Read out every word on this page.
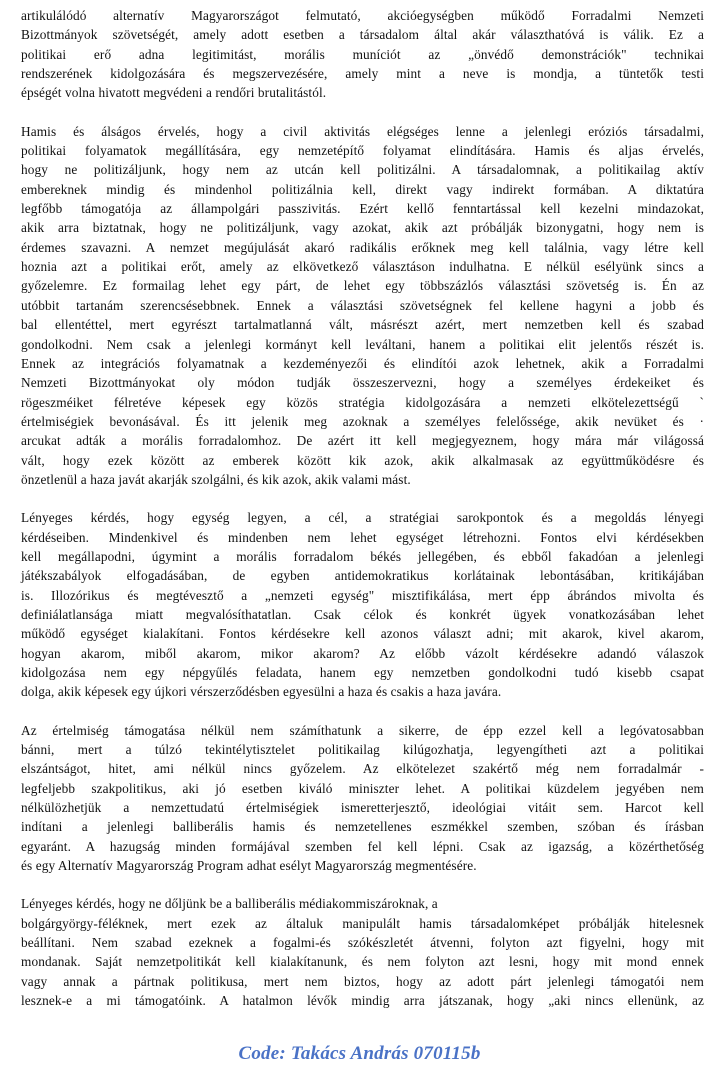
artikulálódó alternatív Magyarországot felmutató, akcióegységben működő Forradalmi Nemzeti
Bizottmányok szövetségét, amely adott esetben a társadalom által akár választhatóvá is válik. Ez a
politikai erő adna legitimitást, morális muníciót az „önvédő demonstrációk" technikai
rendszerének kidolgozására és megszervezésére, amely mint a neve is mondja, a tüntetők testi
épségét volna hivatott megvédeni a rendőri brutalitástól.

Hamis és álságos érvelés, hogy a civil aktivitás elégséges lenne a jelenlegi eróziós társadalmi,
politikai folyamatok megállítására, egy nemzetépítő folyamat elindítására. Hamis és aljas érvelés,
hogy ne politizáljunk, hogy nem az utcán kell politizálni. A társadalomnak, a politikailag aktív
embereknek mindig és mindenhol politizálnia kell, direkt vagy indirekt formában. A diktatúra
legfőbb támogatója az állampolgári passzivitás. Ezért kellő fenntartással kell kezelni mindazokat,
akik arra biztatnak, hogy ne politizáljunk, vagy azokat, akik azt próbálják bizonygatni, hogy nem is
érdemes szavazni. A nemzet megújulását akaró radikális erőknek meg kell találnia, vagy létre kell
hoznia azt a politikai erőt, amely az elkövetkező választáson indulhatna. E nélkül esélyünk sincs a
győzelemre. Ez formailag lehet egy párt, de lehet egy többszázlós választási szövetség is. Én az
utóbbit tartanám szerencsésebbnek. Ennek a választási szövetségnek fel kellene hagyni a jobb és
bal ellentéttel, mert egyrészt tartalmatlanná vált, másrészt azért, mert nemzetben kell és szabad
gondolkodni. Nem csak a jelenlegi kormányt kell leváltani, hanem a politikai elit jelentős részét is.
Ennek az integrációs folyamatnak a kezdeményezői és elindítói azok lehetnek, akik a Forradalmi
Nemzeti Bizottmányokat oly módon tudják összeszervezni, hogy a személyes érdekeiket és
rögeszméiket félretéve képesek egy közös stratégia kidolgozására a nemzeti elkötelezettségű `
értelmiségiek bevonásával. És itt jelenik meg azoknak a személyes felelőssége, akik nevüket és ·
arcukat adták a morális forradalomhoz. De azért itt kell megjegyeznem, hogy mára már világossá
vált, hogy ezek között az emberek között kik azok, akik alkalmasak az együttműködésre és
önzetlenül a haza javát akarják szolgálni, és kik azok, akik valami mást.

Lényeges kérdés, hogy egység legyen, a cél, a stratégiai sarokpontok és a megoldás lényegi
kérdéseiben. Mindenkivel és mindenben nem lehet egységet létrehozni. Fontos elvi kérdésekben
kell megállapodni, úgymint a morális forradalom békés jellegében, és ebből fakadóan a jelenlegi
játékszabályok elfogadásában, de egyben antidemokratikus korlátainak lebontásában, kritikájában
is. Illozórikus és megtévesztő a „nemzeti egység" misztifikálása, mert épp ábrándos mivolta és
definiálatlansága miatt megvalósíthatatlan. Csak célok és konkrét ügyek vonatkozásában lehet
működő egységet kialakítani. Fontos kérdésekre kell azonos választ adni; mit akarok, kivel akarom,
hogyan akarom, miből akarom, mikor akarom? Az előbb vázolt kérdésekre adandó válaszok
kidolgozása nem egy népgyűlés feladata, hanem egy nemzetben gondolkodni tudó kisebb csapat
dolga, akik képesek egy újkori vérszerződésben egyesülni a haza és csakis a haza javára.

Az értelmiség támogatása nélkül nem számíthatunk a sikerre, de épp ezzel kell a legóvatosabban
bánni, mert a túlzó tekintélytisztelet politikailag kilúgozhatja, legyengítheti azt a politikai
elszántságot, hitet, ami nélkül nincs győzelem. Az elkötelezet szakértő még nem forradalmár -
legfeljebb szakpolitikus, aki jó esetben kiváló miniszter lehet. A politikai küzdelem jegyében nem
nélkülözhetjük a nemzettudatú értelmiségiek ismeretterjesztő, ideológiai vitáit sem. Harcot kell
indítani a jelenlegi balliberális hamis és nemzetellenes eszmékkel szemben, szóban és írásban
egyaránt. A hazugság minden formájával szemben fel kell lépni. Csak az igazság, a közérthetőség
és egy Alternatív Magyarország Program adhat esélyt Magyarország megmentésére.

Lényeges kérdés, hogy ne dőljünk be a balliberális médiakommiszároknak, a
bolgárgyörgy-féléknek, mert ezek az általuk manipulált hamis társadalomképet próbálják hitelesnek
beállítani. Nem szabad ezeknek a fogalmi-és szókészletét átvenni, folyton azt figyelni, hogy mit
mondanak. Saját nemzetpolitikát kell kialakítanunk, és nem folyton azt lesni, hogy mit mond ennek
vagy annak a pártnak politikusa, mert nem biztos, hogy az adott párt jelenlegi támogatói nem
lesznek-e a mi támogatóink. A hatalmon lévők mindig arra játszanak, hogy „aki nincs ellenünk, az

Code: Takács András 070115b
